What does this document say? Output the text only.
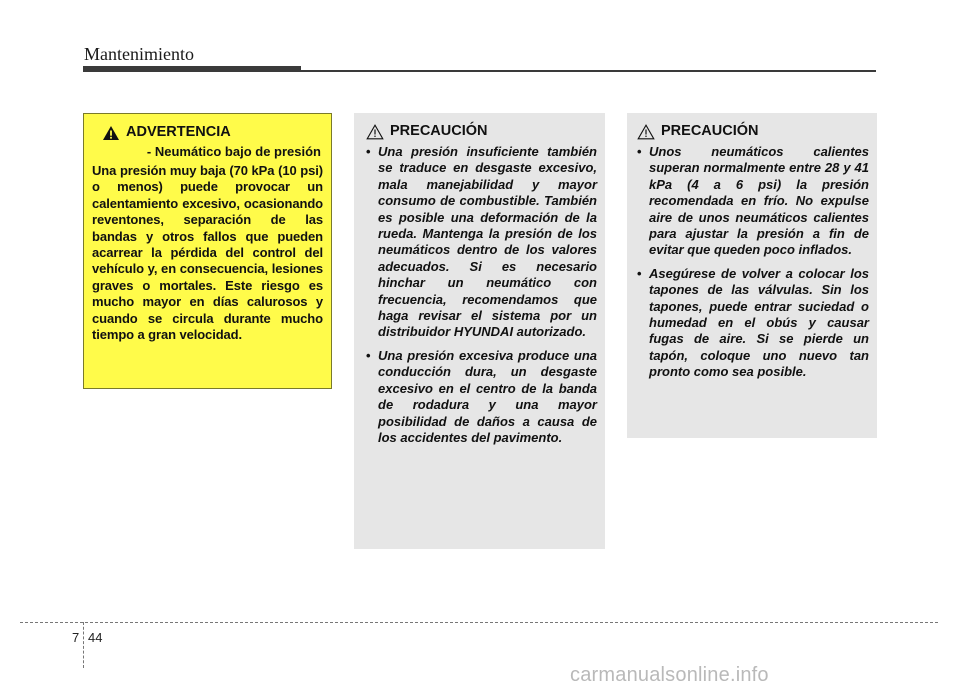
Mantenimiento
ADVERTENCIA
- Neumático bajo de presión
Una presión muy baja (70 kPa (10 psi) o menos) puede provocar un calentamiento excesivo, ocasionando reventones, separación de las bandas y otros fallos que pueden acarrear la pérdida del control del vehículo y, en consecuencia, lesiones graves o mortales. Este riesgo es mucho mayor en días calurosos y cuando se circula durante mucho tiempo a gran velocidad.
PRECAUCIÓN
• Una presión insuficiente también se traduce en desgaste excesivo, mala manejabilidad y mayor consumo de combustible. También es posible una deformación de la rueda. Mantenga la presión de los neumáticos dentro de los valores adecuados. Si es necesario hinchar un neumático con frecuencia, recomendamos que haga revisar el sistema por un distribuidor HYUNDAI autorizado.
• Una presión excesiva produce una conducción dura, un desgaste excesivo en el centro de la banda de rodadura y una mayor posibilidad de daños a causa de los accidentes del pavimento.
PRECAUCIÓN
• Unos neumáticos calientes superan normalmente entre 28 y 41 kPa (4 a 6 psi) la presión recomendada en frío. No expulse aire de unos neumáticos calientes para ajustar la presión a fin de evitar que queden poco inflados.
• Asegúrese de volver a colocar los tapones de las válvulas. Sin los tapones, puede entrar suciedad o humedad en el obús y causar fugas de aire. Si se pierde un tapón, coloque uno nuevo tan pronto como sea posible.
7 44
carmanualsonline.info
